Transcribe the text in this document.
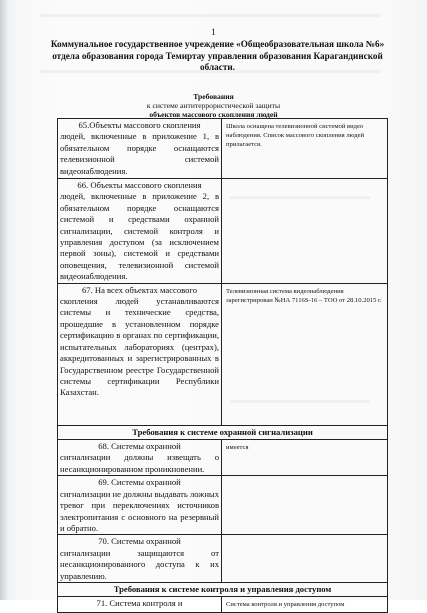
1
Коммунальное государственное учреждение «Общеобразовательная школа №6» отдела образования города Темиртау управления образования Карагандинской области.
Требования
к системе антитеррористической защиты
объектов массового скопления людей
65.Объекты массового скопления
людей, включенные в приложение 1, в обязательном порядке оснащаются телевизионной системой видеонаблюдения.	Школа оснащена телевизионной системой видео наблюдения. Список массового скопления людей прилагается.

66. Объекты массового скопления
людей, включенные в приложение 2, в обязательном порядке оснащаются системой и средствами охранной сигнализации, системой контроля и управления доступом (за исключением первой зоны), системой и средствами оповещения, телевизионной системой видеонаблюдения.	

67. На всех объектах массового
скопления людей устанавливаются системы и технические средства, прошедшие в установленном порядке сертификацию в органах по сертификации, испытательных лабораториях (центрах), аккредитованных и зарегистрированных в Государственном реестре Государственной системы сертификации Республики Казахстан.	Телевизионная система видеонаблюдения зарегистрирован №НА 7116S-16 – ТОО от 28.10.2015 г.
Требования к системе охранной сигнализации	

68. Системы охранной
сигнализации должны извещать о несанкционированном проникновении.	имеется

69. Системы охранной
сигнализации не должны выдавать ложных тревог при переключениях источников электропитания с основного на резервный и обратно.	

70. Системы охранной
сигнализации защищаются от несанкционированного доступа к их управлению.	
Требования к системе контроля и управления доступом	

71. Система контроля и	Система контроля и управления доступом
